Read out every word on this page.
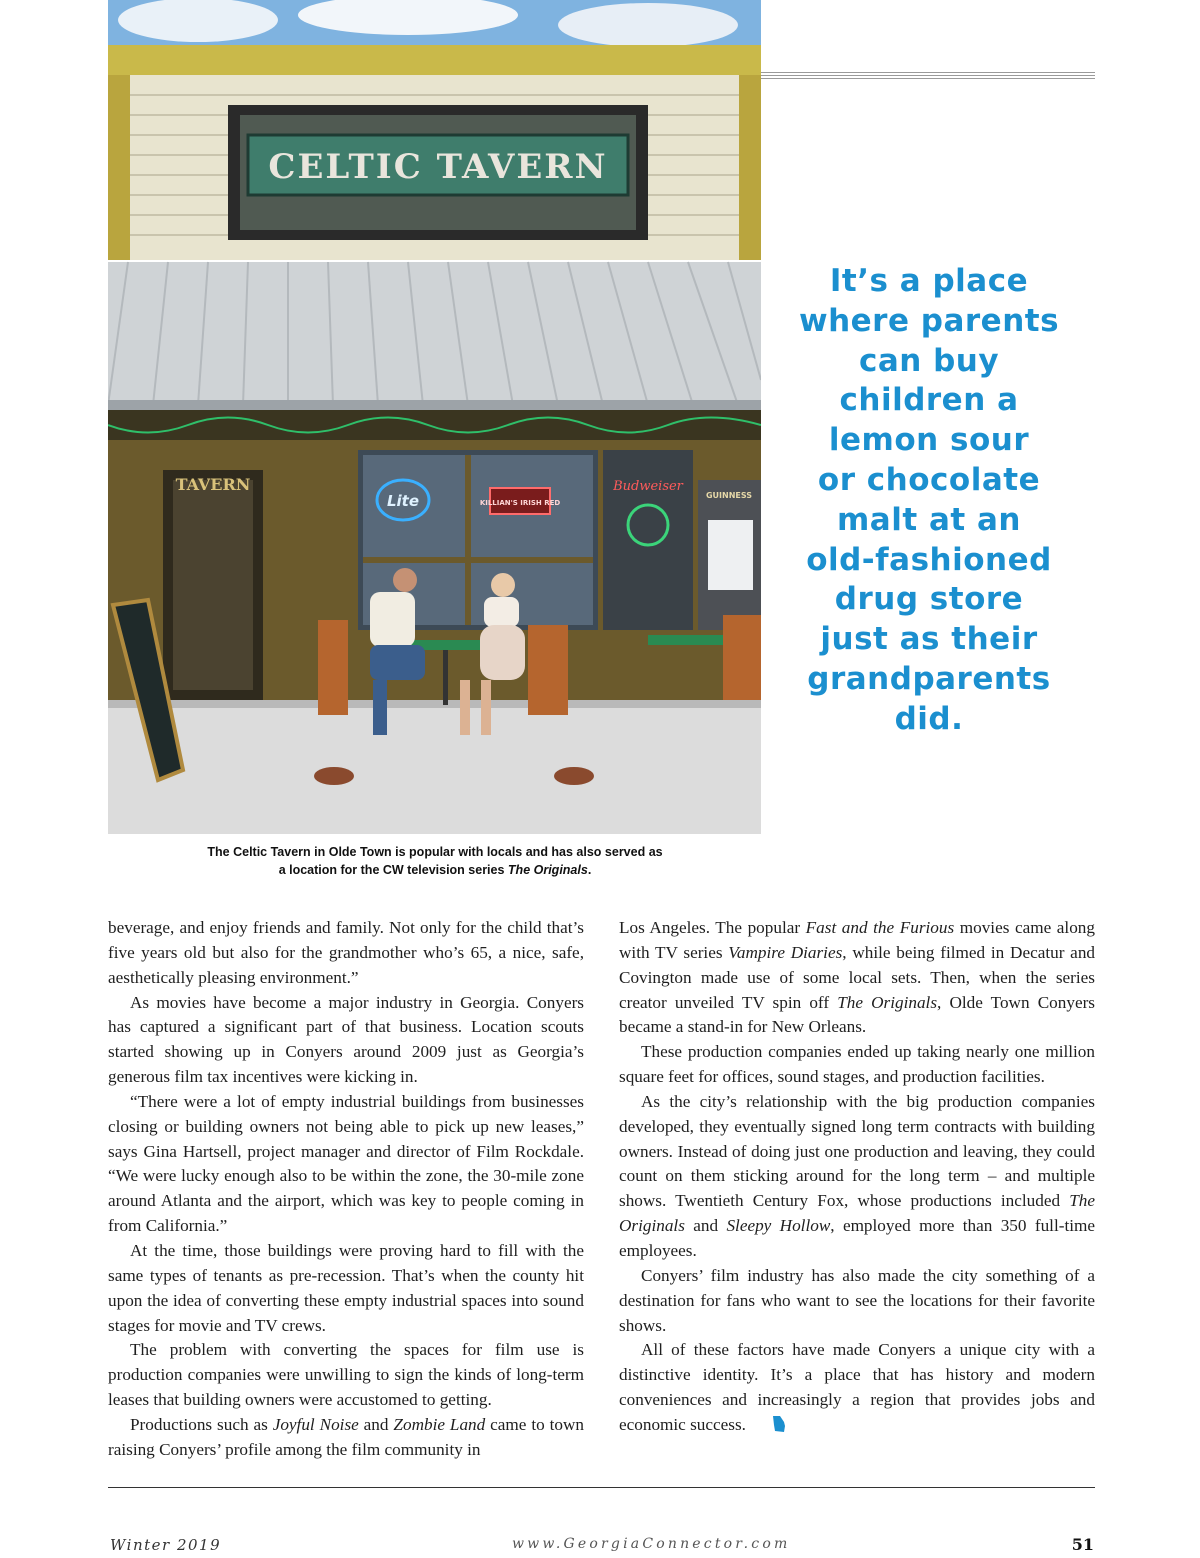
CELTIC TAVERN
TAVERN
Lite	KILLIAN'S IRISH RED
Budweiser
GUINNESS
It’s a place
where parents
can buy
children a
lemon sour
or chocolate
malt at an
old-fashioned
drug store
just as their
grandparents
did.
The Celtic Tavern in Olde Town is popular with locals and has also served as
a location for the CW television series The Originals.

beverage, and enjoy friends and family. Not only for the child that’s five years old but also for the grandmother who’s 65, a nice, safe, aesthetically pleasing environment.”

As movies have become a major industry in Georgia. Conyers has captured a significant part of that business. Location scouts started showing up in Conyers around 2009 just as Georgia’s generous film tax incentives were kicking in.

“There were a lot of empty industrial buildings from businesses closing or building owners not being able to pick up new leases,” says Gina Hartsell, project manager and director of Film Rockdale. “We were lucky enough also to be within the zone, the 30-mile zone around Atlanta and the airport, which was key to people coming in from California.”

At the time, those buildings were proving hard to fill with the same types of tenants as pre-recession. That’s when the county hit upon the idea of converting these empty industrial spaces into sound stages for movie and TV crews.

The problem with converting the spaces for film use is production companies were unwilling to sign the kinds of long-term leases that building owners were accustomed to getting.

Productions such as Joyful Noise and Zombie Land came to town raising Conyers’ profile among the film community in

Los Angeles. The popular Fast and the Furious movies came along with TV series Vampire Diaries, while being filmed in Decatur and Covington made use of some local sets. Then, when the series creator unveiled TV spin off The Originals, Olde Town Conyers became a stand-in for New Orleans.

These production companies ended up taking nearly one million square feet for offices, sound stages, and production facilities.

As the city’s relationship with the big production companies developed, they eventually signed long term contracts with building owners. Instead of doing just one production and leaving, they could count on them sticking around for the long term – and multiple shows. Twentieth Century Fox, whose productions included The Originals and Sleepy Hollow, employed more than 350 full-time employees.

Conyers’ film industry has also made the city something of a destination for fans who want to see the locations for their favorite shows.

All of these factors have made Conyers a unique city with a distinctive identity. It’s a place that has history and modern conveniences and increasingly a region that provides jobs and economic success.

Winter 2019	www.GeorgiaConnector.com	51
